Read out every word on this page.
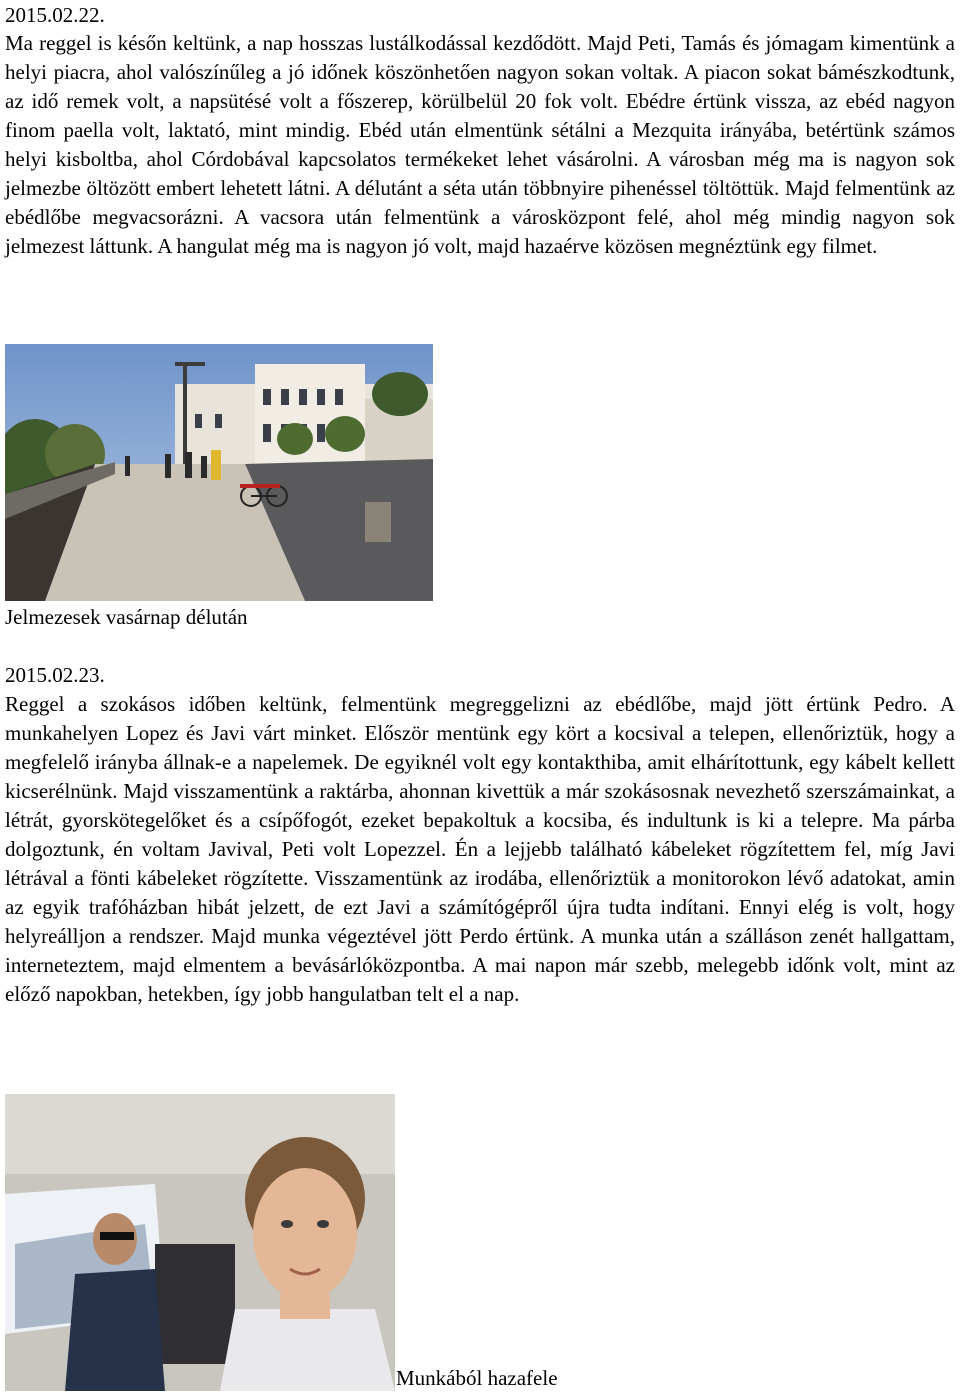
2015.02.22.

Ma reggel is későn keltünk, a nap hosszas lustálkodással kezdődött. Majd Peti, Tamás és jómagam kimentünk a helyi piacra, ahol valószínűleg a jó időnek köszönhetően nagyon sokan voltak. A piacon sokat bámészkodtunk, az idő remek volt, a napsütésé volt a főszerep, körülbelül 20 fok volt. Ebédre értünk vissza, az ebéd nagyon finom paella volt, laktató, mint mindig. Ebéd után elmentünk sétálni a Mezquita irányába, betértünk számos helyi kisboltba, ahol Córdobával kapcsolatos termékeket lehet vásárolni. A városban még ma is nagyon sok jelmezbe öltözött embert lehetett látni. A délutánt a séta után többnyire pihenéssel töltöttük. Majd felmentünk az ebédlőbe megvacsorázni. A vacsora után felmentünk a városközpont felé, ahol még mindig nagyon sok jelmezest láttunk. A hangulat még ma is nagyon jó volt, majd hazaérve közösen megnéztünk egy filmet.

Jelmezesek vasárnap délután

2015.02.23.

Reggel a szokásos időben keltünk, felmentünk megreggelizni az ebédlőbe, majd jött értünk Pedro. A munkahelyen Lopez és Javi várt minket. Először mentünk egy kört a kocsival a telepen, ellenőriztük, hogy a megfelelő irányba állnak-e a napelemek. De egyiknél volt egy kontakthiba, amit elhárítottunk, egy kábelt kellett kicserélnünk. Majd visszamentünk a raktárba, ahonnan kivettük a már szokásosnak nevezhető szerszámainkat, a létrát, gyorskötegelőket és a csípőfogót, ezeket bepakoltuk a kocsiba, és indultunk is ki a telepre. Ma párba dolgoztunk, én voltam Javival, Peti volt Lopezzel. Én a lejjebb található kábeleket rögzítettem fel, míg Javi létrával a fönti kábeleket rögzítette. Visszamentünk az irodába, ellenőriztük a monitorokon lévő adatokat, amin az egyik trafóházban hibát jelzett, de ezt Javi a számítógépről újra tudta indítani. Ennyi elég is volt, hogy helyreálljon a rendszer. Majd munka végeztével jött Perdo értünk. A munka után a szálláson zenét hallgattam, interneteztem, majd elmentem a bevásárlóközpontba. A mai napon már szebb, melegebb időnk volt, mint az előző napokban, hetekben, így jobb hangulatban telt el a nap.

Munkából hazafele
